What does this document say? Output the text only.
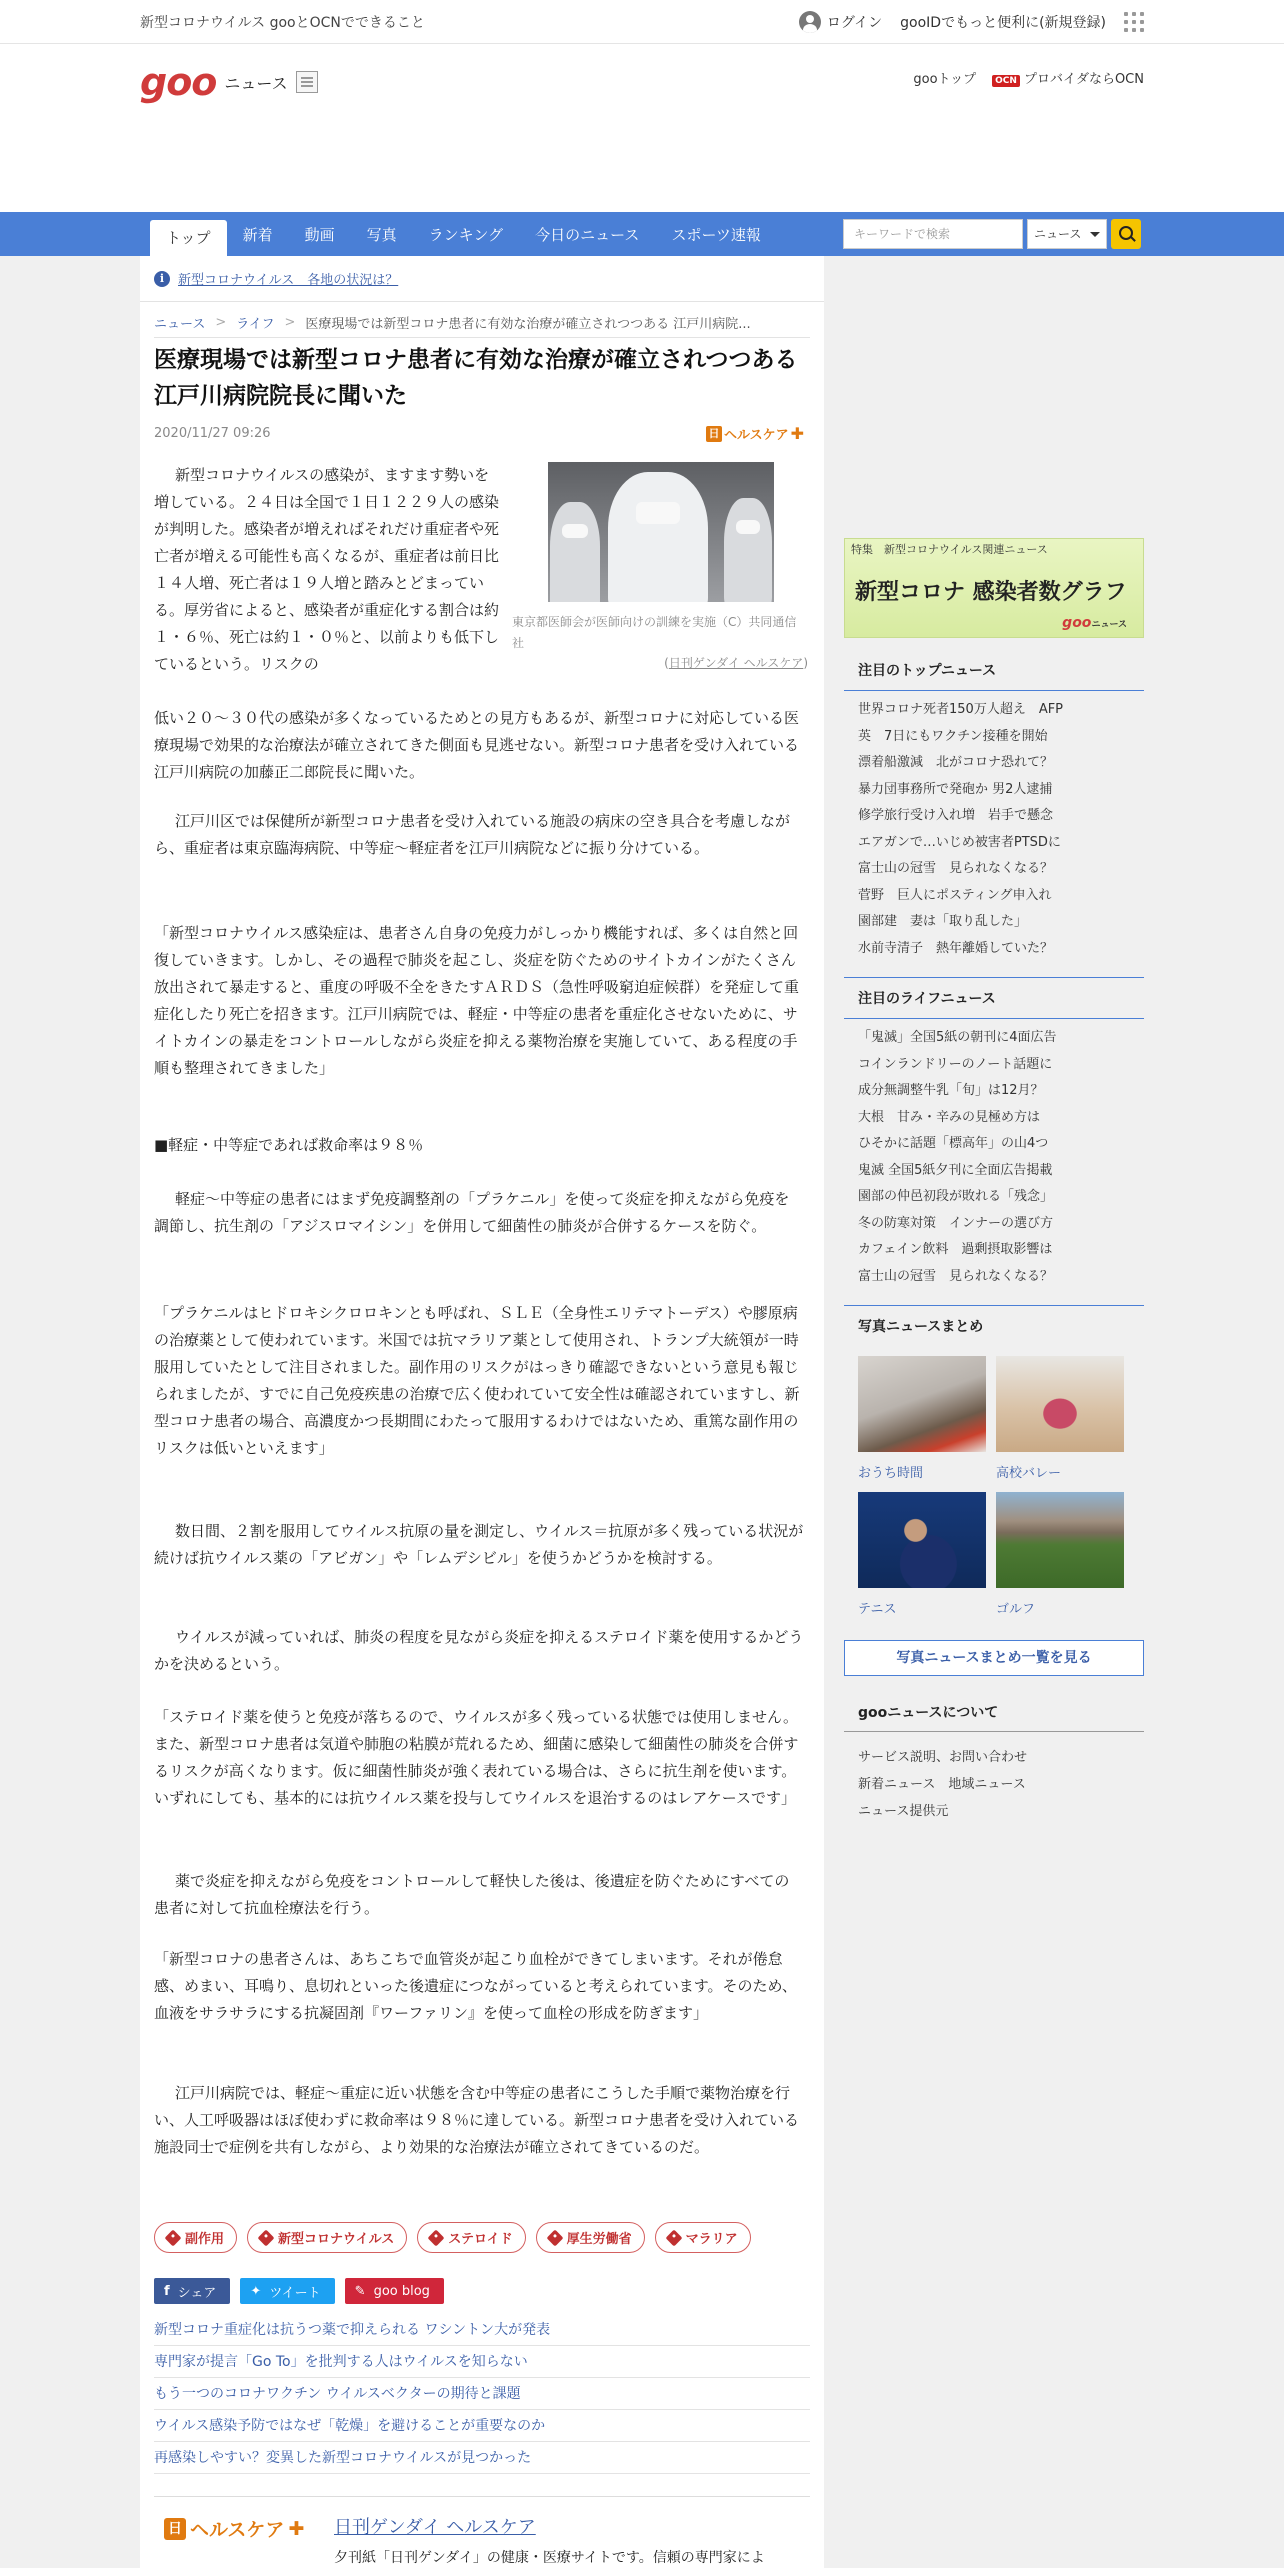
新型コロナウイルス gooとOCNでできること	ログイン gooIDでもっと便利に(新規登録)
goo ニュース	gooトップ	OCN プロバイダならOCN
トップ	新着	動画	写真	ランキング	今日のニュース	スポーツ速報	キーワードで検索	ニュース
i	新型コロナウイルス　各地の状況は？
ニュース > ライフ > 医療現場では新型コロナ患者に有効な治療が確立されつつある 江戸川病院...
医療現場では新型コロナ患者に有効な治療が確立されつつある 江戸川病院院長に聞いた
2020/11/27 09:26	日 ヘルスケア ✚
東京都医師会が医師向けの訓練を実施（C）共同通信社
(日刊ゲンダイ ヘルスケア)

新型コロナウイルスの感染が、ますます勢いを増している。２４日は全国で１日１２２９人の感染が判明した。感染者が増えればそれだけ重症者や死亡者が増える可能性も高くなるが、重症者は前日比１４人増、死亡者は１９人増と踏みとどまっている。厚労省によると、感染者が重症化する割合は約１・６％、死亡は約１・０％と、以前よりも低下しているという。リスクの

低い２０〜３０代の感染が多くなっているためとの見方もあるが、新型コロナに対応している医療現場で効果的な治療法が確立されてきた側面も見逃せない。新型コロナ患者を受け入れている江戸川病院の加藤正二郎院長に聞いた。

江戸川区では保健所が新型コロナ患者を受け入れている施設の病床の空き具合を考慮しながら、重症者は東京臨海病院、中等症〜軽症者を江戸川病院などに振り分けている。

「新型コロナウイルス感染症は、患者さん自身の免疫力がしっかり機能すれば、多くは自然と回復していきます。しかし、その過程で肺炎を起こし、炎症を防ぐためのサイトカインがたくさん放出されて暴走すると、重度の呼吸不全をきたすＡＲＤＳ（急性呼吸窮迫症候群）を発症して重症化したり死亡を招きます。江戸川病院では、軽症・中等症の患者を重症化させないために、サイトカインの暴走をコントロールしながら炎症を抑える薬物治療を実施していて、ある程度の手順も整理されてきました」

■軽症・中等症であれば救命率は９８％

軽症〜中等症の患者にはまず免疫調整剤の「プラケニル」を使って炎症を抑えながら免疫を調節し、抗生剤の「アジスロマイシン」を併用して細菌性の肺炎が合併するケースを防ぐ。

「プラケニルはヒドロキシクロロキンとも呼ばれ、ＳＬＥ（全身性エリテマトーデス）や膠原病の治療薬として使われています。米国では抗マラリア薬として使用され、トランプ大統領が一時服用していたとして注目されました。副作用のリスクがはっきり確認できないという意見も報じられましたが、すでに自己免疫疾患の治療で広く使われていて安全性は確認されていますし、新型コロナ患者の場合、高濃度かつ長期間にわたって服用するわけではないため、重篤な副作用のリスクは低いといえます」

数日間、２割を服用してウイルス抗原の量を測定し、ウイルス＝抗原が多く残っている状況が続けば抗ウイルス薬の「アビガン」や「レムデシビル」を使うかどうかを検討する。

ウイルスが減っていれば、肺炎の程度を見ながら炎症を抑えるステロイド薬を使用するかどうかを決めるという。

「ステロイド薬を使うと免疫が落ちるので、ウイルスが多く残っている状態では使用しません。また、新型コロナ患者は気道や肺胞の粘膜が荒れるため、細菌に感染して細菌性の肺炎を合併するリスクが高くなります。仮に細菌性肺炎が強く表れている場合は、さらに抗生剤を使います。いずれにしても、基本的には抗ウイルス薬を投与してウイルスを退治するのはレアケースです」

薬で炎症を抑えながら免疫をコントロールして軽快した後は、後遺症を防ぐためにすべての患者に対して抗血栓療法を行う。

「新型コロナの患者さんは、あちこちで血管炎が起こり血栓ができてしまいます。それが倦怠感、めまい、耳鳴り、息切れといった後遺症につながっていると考えられています。そのため、血液をサラサラにする抗凝固剤『ワーファリン』を使って血栓の形成を防ぎます」

江戸川病院では、軽症〜重症に近い状態を含む中等症の患者にこうした手順で薬物治療を行い、人工呼吸器はほぼ使わずに救命率は９８％に達している。新型コロナ患者を受け入れている施設同士で症例を共有しながら、より効果的な治療法が確立されてきているのだ。

副作用	新型コロナウイルス	ステロイド	厚生労働省	マラリア
f シェア	✦ ツイート	✎ goo blog
新型コロナ重症化は抗うつ薬で抑えられる ワシントン大が発表
専門家が提言「Go To」を批判する人はウイルスを知らない
もう一つのコロナワクチン ウイルスベクターの期待と課題
ウイルス感染予防ではなぜ「乾燥」を避けることが重要なのか
再感染しやすい？変異した新型コロナウイルスが見つかった
日 ヘルスケア ✚ 日刊ゲンダイ ヘルスケア
夕刊紙「日刊ゲンダイ」の健康・医療サイトです。信頼の専門家によ
特集　新型コロナウイルス関連ニュース
新型コロナ 感染者数グラフ
gooニュース
注目のトップニュース
世界コロナ死者150万人超え　AFP
英　7日にもワクチン接種を開始
漂着船激減　北がコロナ恐れて？
暴力団事務所で発砲か 男2人逮捕
修学旅行受け入れ増　岩手で懸念
エアガンで…いじめ被害者PTSDに
富士山の冠雪　見られなくなる？
菅野　巨人にポスティング申入れ
園部建　妻は「取り乱した」
水前寺清子　熱年離婚していた？
注目のライフニュース
「鬼滅」全国5紙の朝刊に4面広告
コインランドリーのノート話題に
成分無調整牛乳「旬」は12月？
大根　甘み・辛みの見極め方は
ひそかに話題「標高年」の山4つ
鬼滅 全国5紙夕刊に全面広告掲載
園部の仲邑初段が敗れる「残念」
冬の防寒対策　インナーの選び方
カフェイン飲料　過剰摂取影響は
富士山の冠雪　見られなくなる？
写真ニュースまとめ
おうち時間	高校バレー
テニス	ゴルフ
写真ニュースまとめ一覧を見る
gooニュースについて
サービス説明、お問い合わせ
新着ニュース　地域ニュース
ニュース提供元
